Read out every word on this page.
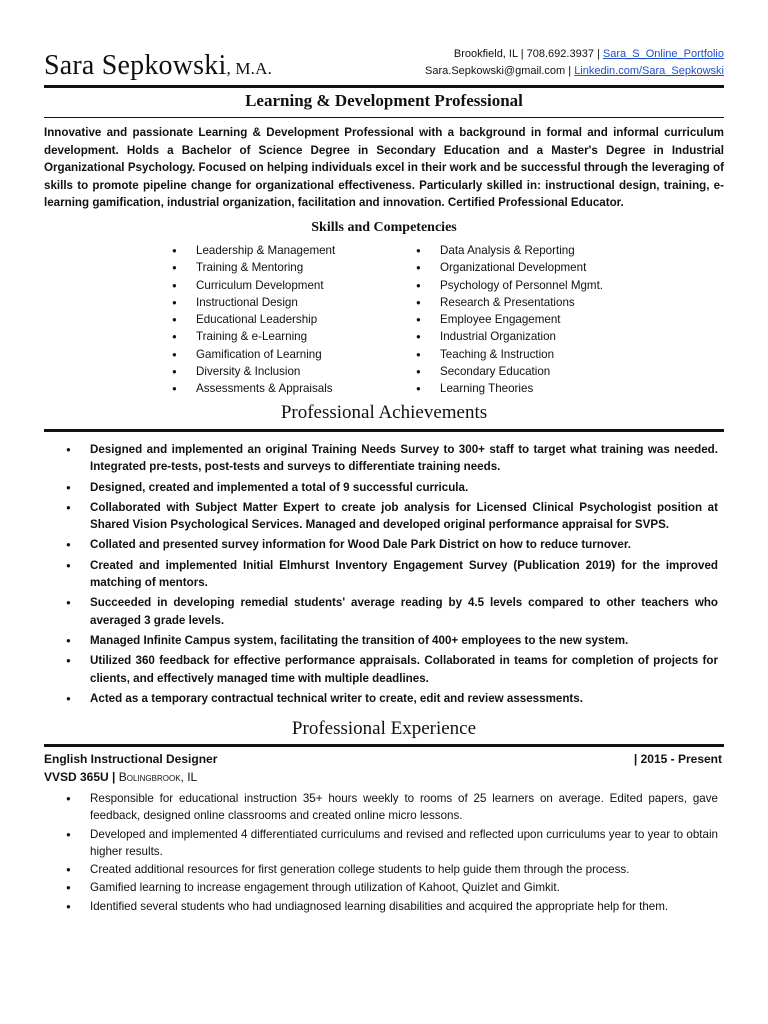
Sara Sepkowski, M.A.
Brookfield, IL | 708.692.3937 | Sara_S_Online_Portfolio
Sara.Sepkowski@gmail.com | Linkedin.com/Sara_Sepkowski
Learning & Development Professional

Innovative and passionate Learning & Development Professional with a background in formal and informal curriculum development. Holds a Bachelor of Science Degree in Secondary Education and a Master's Degree in Industrial Organizational Psychology. Focused on helping individuals excel in their work and be successful through the leveraging of skills to promote pipeline change for organizational effectiveness. Particularly skilled in: instructional design, training, e-learning gamification, industrial organization, facilitation and innovation. Certified Professional Educator.

Skills and Competencies
● Leadership & Management
● Training & Mentoring
● Curriculum Development
● Instructional Design
● Educational Leadership
● Training & e-Learning
● Gamification of Learning
● Diversity & Inclusion
● Assessments & Appraisals
● Data Analysis & Reporting
● Organizational Development
● Psychology of Personnel Mgmt.
● Research & Presentations
● Employee Engagement
● Industrial Organization
● Teaching & Instruction
● Secondary Education
● Learning Theories
Professional Achievements
● Designed and implemented an original Training Needs Survey to 300+ staff to target what training was needed. Integrated pre-tests, post-tests and surveys to differentiate training needs.
● Designed, created and implemented a total of 9 successful curricula.
● Collaborated with Subject Matter Expert to create job analysis for Licensed Clinical Psychologist position at Shared Vision Psychological Services. Managed and developed original performance appraisal for SVPS.
● Collated and presented survey information for Wood Dale Park District on how to reduce turnover.
● Created and implemented Initial Elmhurst Inventory Engagement Survey (Publication 2019) for the improved matching of mentors.
● Succeeded in developing remedial students' average reading by 4.5 levels compared to other teachers who averaged 3 grade levels.
● Managed Infinite Campus system, facilitating the transition of 400+ employees to the new system.
● Utilized 360 feedback for effective performance appraisals. Collaborated in teams for completion of projects for clients, and effectively managed time with multiple deadlines.
● Acted as a temporary contractual technical writer to create, edit and review assessments.
Professional Experience
English Instructional Designer	| 2015 - Present
VVSD 365U | Bolingbrook, IL
● Responsible for educational instruction 35+ hours weekly to rooms of 25 learners on average. Edited papers, gave feedback, designed online classrooms and created online micro lessons.
● Developed and implemented 4 differentiated curriculums and revised and reflected upon curriculums year to year to obtain higher results.
● Created additional resources for first generation college students to help guide them through the process.
● Gamified learning to increase engagement through utilization of Kahoot, Quizlet and Gimkit.
● Identified several students who had undiagnosed learning disabilities and acquired the appropriate help for them.
